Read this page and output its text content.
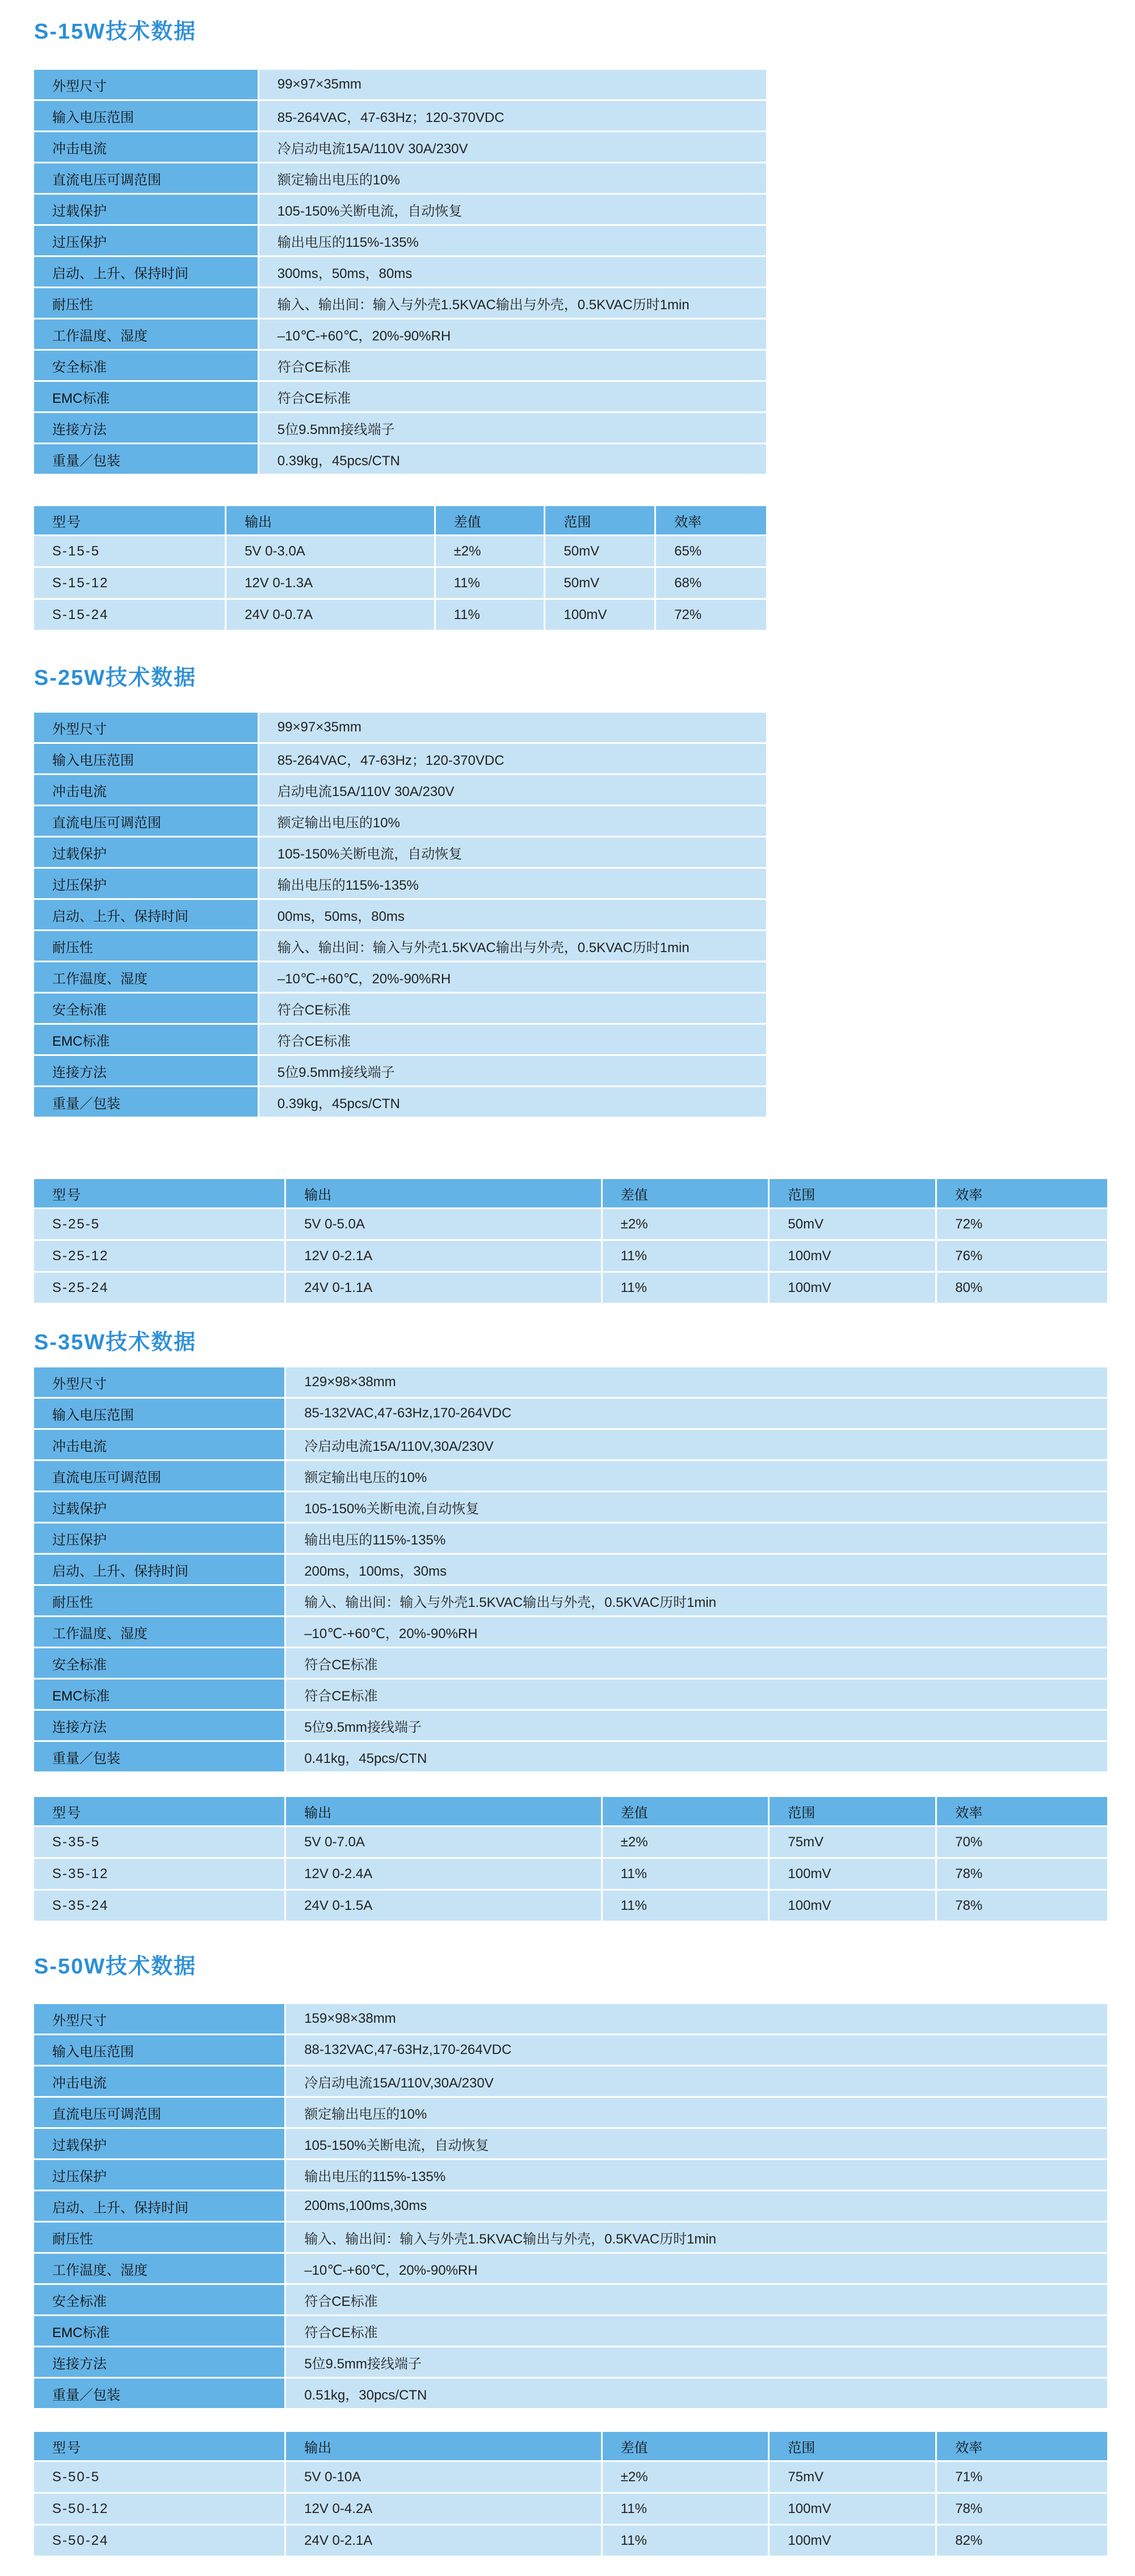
S-15W技术数据
外型尺寸	99×97×35mm
输入电压范围	85-264VAC，47-63Hz；120-370VDC
冲击电流	冷启动电流15A/110V 30A/230V
直流电压可调范围	额定输出电压的10%
过载保护	105-150%关断电流，自动恢复
过压保护	输出电压的115%-135%
启动、上升、保持时间	300ms，50ms，80ms
耐压性	输入、输出间：输入与外壳1.5KVAC输出与外壳，0.5KVAC历时1min
工作温度、湿度	–10℃-+60℃，20%-90%RH
安全标准	符合CE标准
EMC标准	符合CE标准
连接方法	5位9.5mm接线端子
重量／包装	0.39kg，45pcs/CTN
型号	输出	差值	范围	效率
S-15-5	5V 0-3.0A	±2%	50mV	65%
S-15-12	12V 0-1.3A	11%	50mV	68%
S-15-24	24V 0-0.7A	11%	100mV	72%
S-25W技术数据
外型尺寸	99×97×35mm
输入电压范围	85-264VAC，47-63Hz；120-370VDC
冲击电流	启动电流15A/110V 30A/230V
直流电压可调范围	额定输出电压的10%
过载保护	105-150%关断电流，自动恢复
过压保护	输出电压的115%-135%
启动、上升、保持时间	00ms，50ms，80ms
耐压性	输入、输出间：输入与外壳1.5KVAC输出与外壳，0.5KVAC历时1min
工作温度、湿度	–10℃-+60℃，20%-90%RH
安全标准	符合CE标准
EMC标准	符合CE标准
连接方法	5位9.5mm接线端子
重量／包装	0.39kg，45pcs/CTN
型号	输出	差值	范围	效率
S-25-5	5V 0-5.0A	±2%	50mV	72%
S-25-12	12V 0-2.1A	11%	100mV	76%
S-25-24	24V 0-1.1A	11%	100mV	80%
S-35W技术数据
外型尺寸	129×98×38mm
输入电压范围	85-132VAC,47-63Hz,170-264VDC
冲击电流	冷启动电流15A/110V,30A/230V
直流电压可调范围	额定输出电压的10%
过载保护	105-150%关断电流,自动恢复
过压保护	输出电压的115%-135%
启动、上升、保持时间	200ms，100ms，30ms
耐压性	输入、输出间：输入与外壳1.5KVAC输出与外壳，0.5KVAC历时1min
工作温度、湿度	–10℃-+60℃，20%-90%RH
安全标准	符合CE标准
EMC标准	符合CE标准
连接方法	5位9.5mm接线端子
重量／包装	0.41kg，45pcs/CTN
型号	输出	差值	范围	效率
S-35-5	5V 0-7.0A	±2%	75mV	70%
S-35-12	12V 0-2.4A	11%	100mV	78%
S-35-24	24V 0-1.5A	11%	100mV	78%
S-50W技术数据
外型尺寸	159×98×38mm
输入电压范围	88-132VAC,47-63Hz,170-264VDC
冲击电流	冷启动电流15A/110V,30A/230V
直流电压可调范围	额定输出电压的10%
过载保护	105-150%关断电流，自动恢复
过压保护	输出电压的115%-135%
启动、上升、保持时间	200ms,100ms,30ms
耐压性	输入、输出间：输入与外壳1.5KVAC输出与外壳，0.5KVAC历时1min
工作温度、湿度	–10℃-+60℃，20%-90%RH
安全标准	符合CE标准
EMC标准	符合CE标准
连接方法	5位9.5mm接线端子
重量／包装	0.51kg，30pcs/CTN
型号	输出	差值	范围	效率
S-50-5	5V 0-10A	±2%	75mV	71%
S-50-12	12V 0-4.2A	11%	100mV	78%
S-50-24	24V 0-2.1A	11%	100mV	82%
